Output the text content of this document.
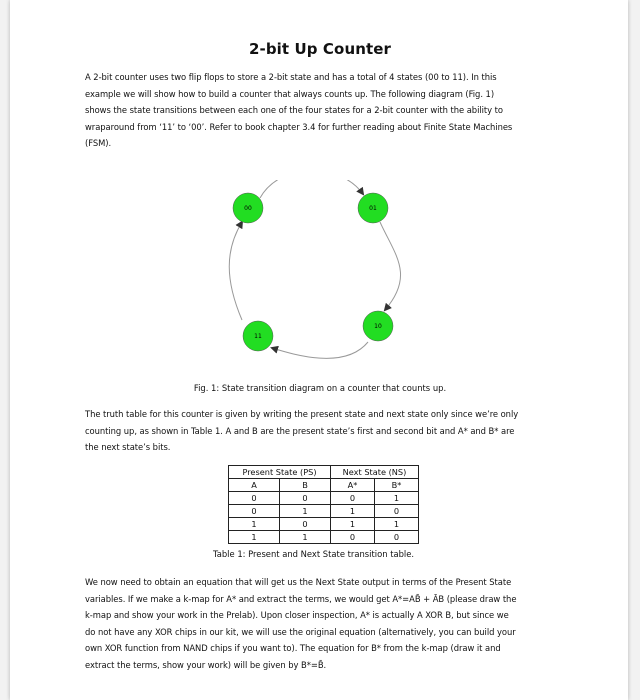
2-bit Up Counter

A 2-bit counter uses two flip flops to store a 2-bit state and has a total of 4 states (00 to 11). In this
example we will show how to build a counter that always counts up. The following diagram (Fig. 1)
shows the state transitions between each one of the four states for a 2-bit counter with the ability to
wraparound from ‘11’ to ‘00’. Refer to book chapter 3.4 for further reading about Finite State Machines
(FSM).

00	01
10
11
Fig. 1: State transition diagram on a counter that counts up.

The truth table for this counter is given by writing the present state and next state only since we’re only
counting up, as shown in Table 1. A and B are the present state’s first and second bit and A* and B* are
the next state’s bits.

Present State (PS)		Next State (NS)	
A	B	A*	B*
0	0	0	1
0	1	1	0
1	0	1	1
1	1	0	0
Table 1: Present and Next State transition table.

We now need to obtain an equation that will get us the Next State output in terms of the Present State
variables. If we make a k-map for A* and extract the terms, we would get A*=AB̄ + ĀB (please draw the
k-map and show your work in the Prelab). Upon closer inspection, A* is actually A XOR B, but since we
do not have any XOR chips in our kit, we will use the original equation (alternatively, you can build your
own XOR function from NAND chips if you want to). The equation for B* from the k-map (draw it and
extract the terms, show your work) will be given by B*=B̄.
